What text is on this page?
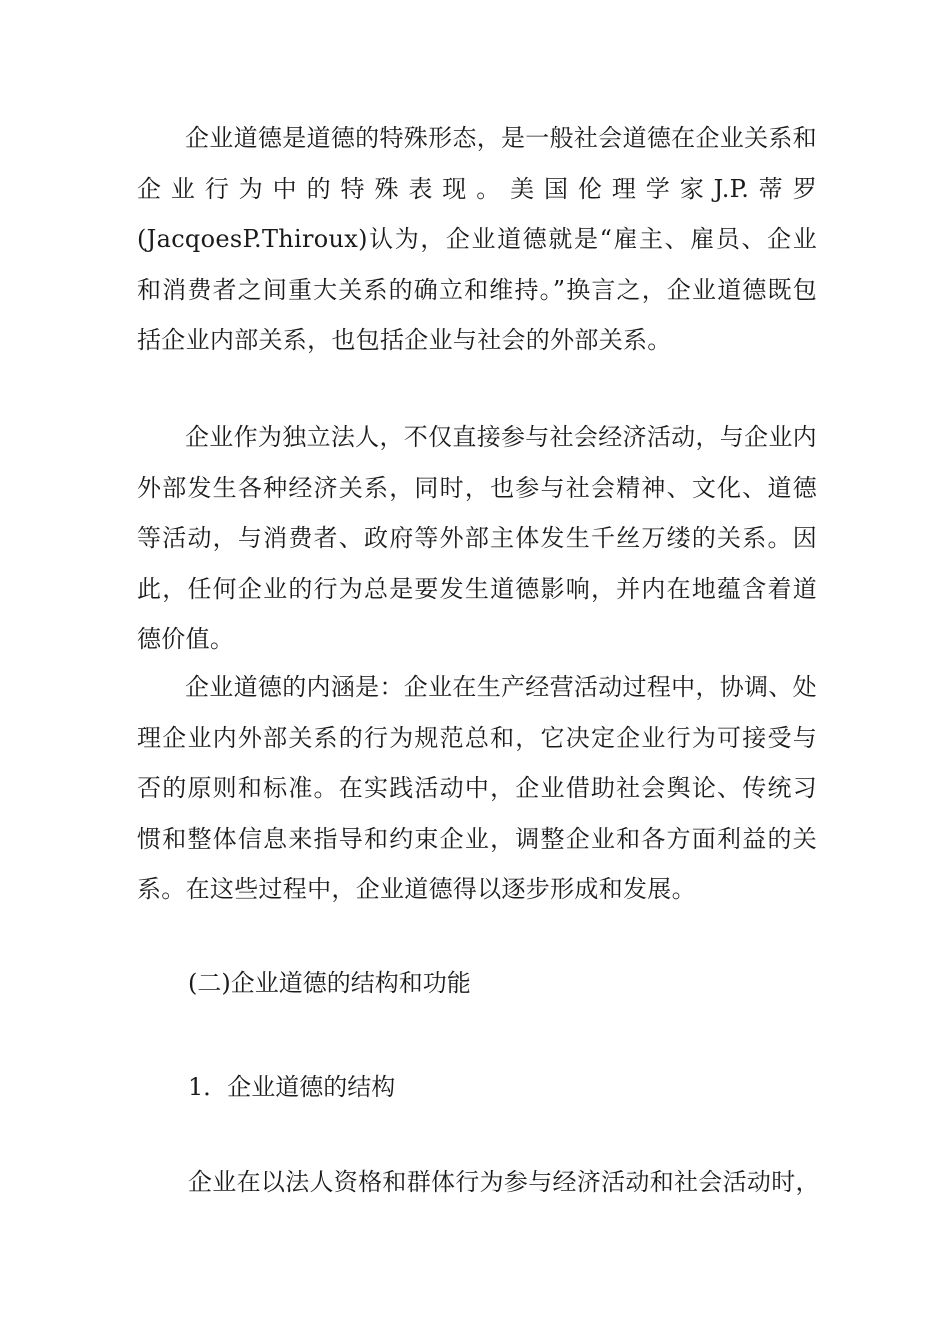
企业道德是道德的特殊形态，是一般社会道德在企业关系和企业行为中的特殊表现。美国伦理学家J.P.蒂罗(JacqoesP.Thiroux)认为，企业道德就是“雇主、雇员、企业和消费者之间重大关系的确立和维持。”换言之，企业道德既包括企业内部关系，也包括企业与社会的外部关系。

企业作为独立法人，不仅直接参与社会经济活动，与企业内外部发生各种经济关系，同时，也参与社会精神、文化、道德等活动，与消费者、政府等外部主体发生千丝万缕的关系。因此，任何企业的行为总是要发生道德影响，并内在地蕴含着道德价值。

企业道德的内涵是：企业在生产经营活动过程中，协调、处理企业内外部关系的行为规范总和，它决定企业行为可接受与否的原则和标准。在实践活动中，企业借助社会舆论、传统习惯和整体信息来指导和约束企业，调整企业和各方面利益的关系。在这些过程中，企业道德得以逐步形成和发展。

(二)企业道德的结构和功能

1．企业道德的结构

企业在以法人资格和群体行为参与经济活动和社会活动时，
